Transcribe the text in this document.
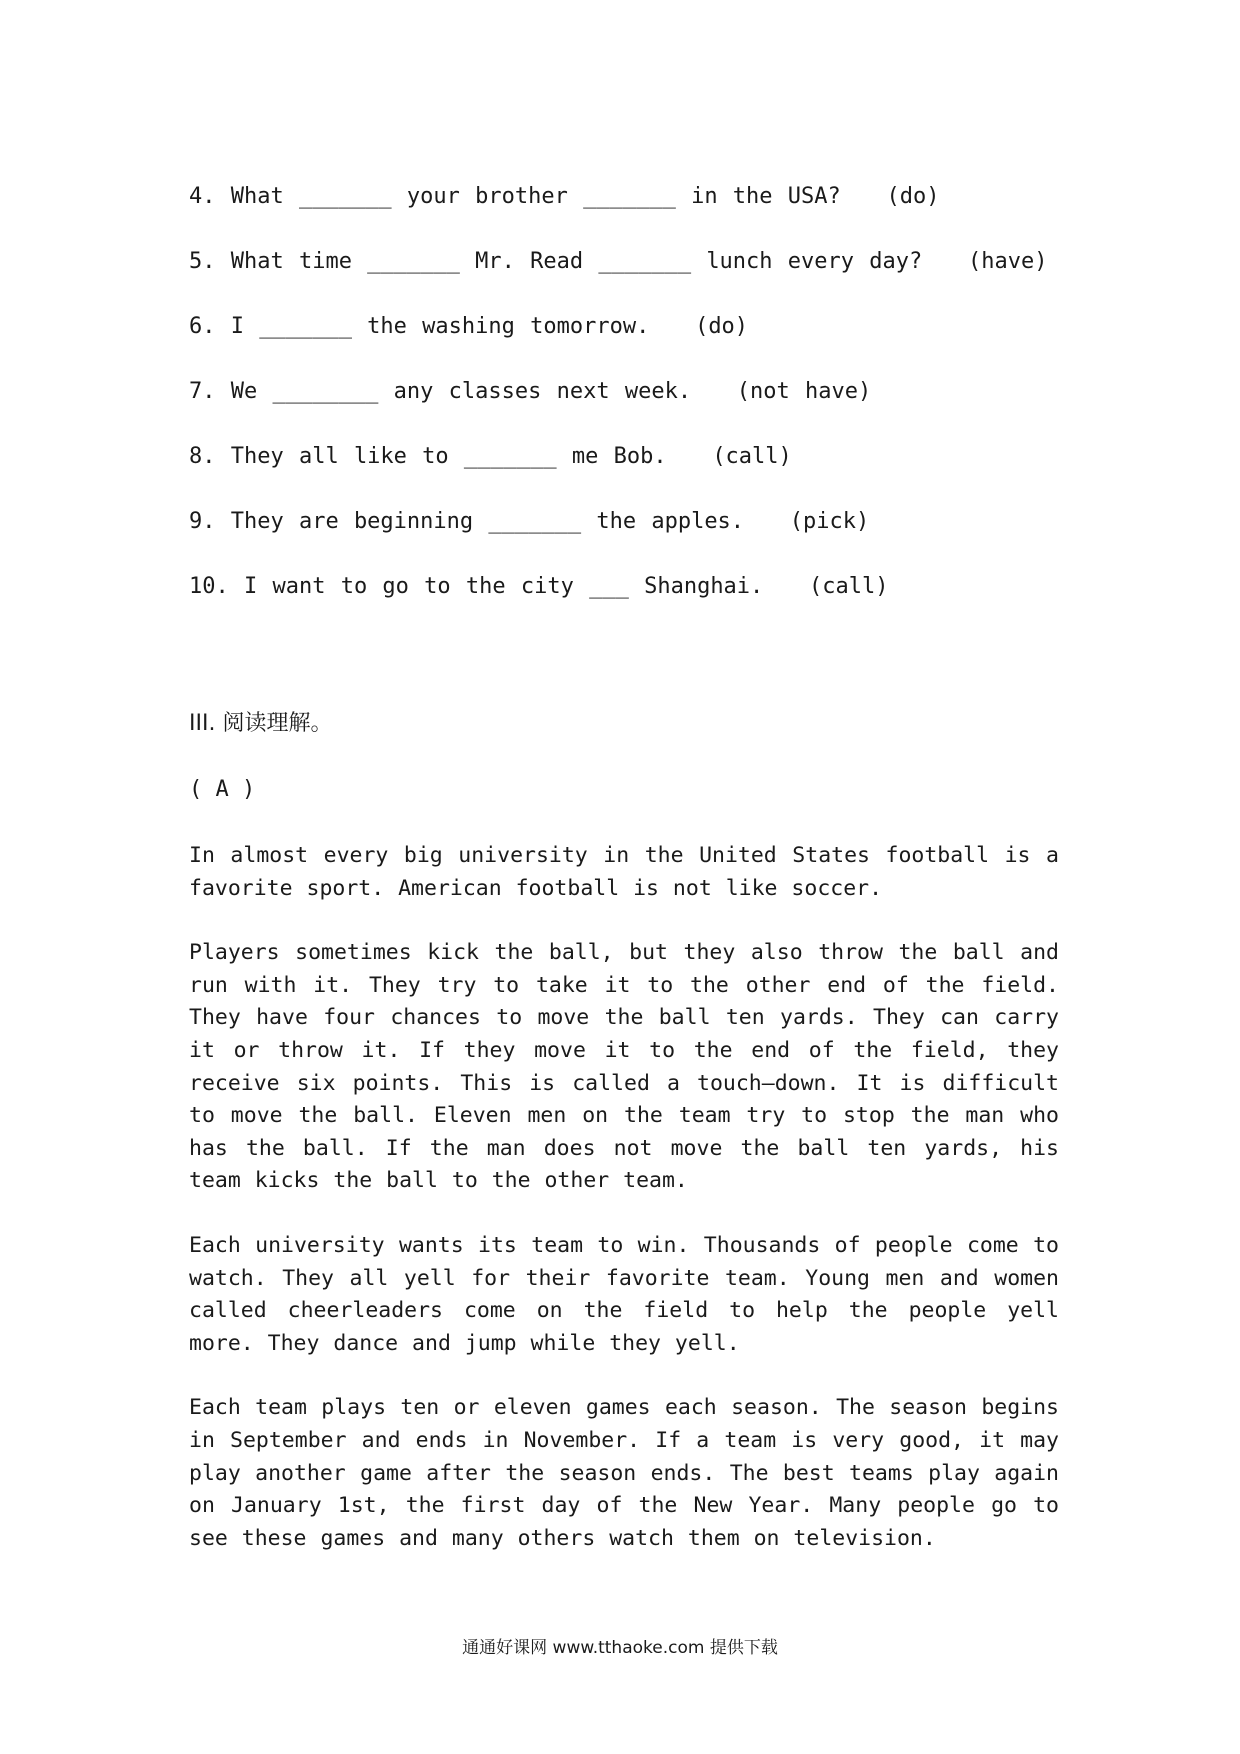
4. What _______ your brother _______ in the USA?   (do)
5. What time _______ Mr. Read _______ lunch every day?   (have)
6. I _______ the washing tomorrow.   (do)
7. We ________ any classes next week.   (not have)
8. They all like to _______ me Bob.   (call)
9. They are beginning _______ the apples.   (pick)
10. I want to go to the city ___ Shanghai.   (call)
III. 阅读理解。
( A )

In almost every big university in the United States football is a favorite sport. American football is not like soccer.

Players sometimes kick the ball, but they also throw the ball and run with it. They try to take it to the other end of the field. They have four chances to move the ball ten yards. They can carry it or throw it. If they move it to the end of the field, they receive six points. This is called a touch—down. It is difficult to move the ball. Eleven men on the team try to stop the man who has the ball. If the man does not move the ball ten yards, his team kicks the ball to the other team.

Each university wants its team to win. Thousands of people come to watch. They all yell for their favorite team. Young men and women called cheerleaders come on the field to help the people yell more. They dance and jump while they yell.

Each team plays ten or eleven games each season. The season begins in September and ends in November. If a team is very good, it may play another game after the season ends. The best teams play again on January 1st, the first day of the New Year. Many people go to see these games and many others watch them on television.

通通好课网 www.tthaoke.com 提供下载
